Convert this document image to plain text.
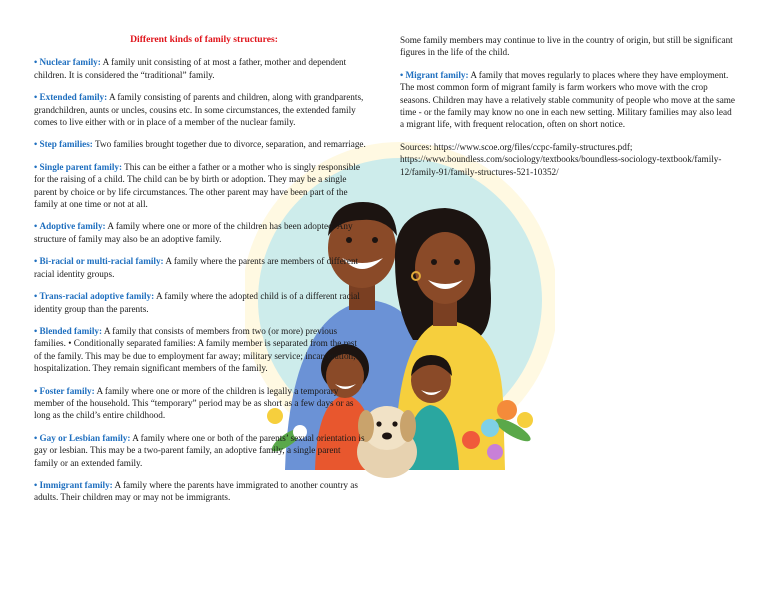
Different kinds of family structures:
• Nuclear family: A family unit consisting of at most a father, mother and dependent children. It is considered the “traditional” family.
• Extended family: A family consisting of parents and children, along with grandparents, grandchildren, aunts or uncles, cousins etc. In some circumstances, the extended family comes to live either with or in place of a member of the nuclear family.
• Step families: Two families brought together due to divorce, separation, and remarriage.
• Single parent family: This can be either a father or a mother who is singly responsible for the raising of a child. The child can be by birth or adoption. They may be a single parent by choice or by life circumstances. The other parent may have been part of the family at one time or not at all.
• Adoptive family: A family where one or more of the children has been adopted. Any structure of family may also be an adoptive family.
• Bi-racial or multi-racial family: A family where the parents are members of different racial identity groups.
• Trans-racial adoptive family: A family where the adopted child is of a different racial identity group than the parents.
• Blended family: A family that consists of members from two (or more) previous families. • Conditionally separated families: A family member is separated from the rest of the family. This may be due to employment far away; military service; incarceration; hospitalization. They remain significant members of the family.
• Foster family: A family where one or more of the children is legally a temporary member of the household. This “temporary” period may be as short as a few days or as long as the child’s entire childhood.
• Gay or Lesbian family: A family where one or both of the parents’ sexual orientation is gay or lesbian. This may be a two-parent family, an adoptive family, a single parent family or an extended family.
• Immigrant family: A family where the parents have immigrated to another country as adults. Their children may or may not be immigrants.
Some family members may continue to live in the country of origin, but still be significant figures in the life of the child.
• Migrant family: A family that moves regularly to places where they have employment. The most common form of migrant family is farm workers who move with the crop seasons. Children may have a relatively stable community of people who move at the same time - or the family may know no one in each new setting. Military families may also lead a migrant life, with frequent relocation, often on short notice.
Sources: https://www.scoe.org/files/ccpc-family-structures.pdf; https://www.boundless.com/sociology/textbooks/boundless-sociology-textbook/family-12/family-91/family-structures-521-10352/
